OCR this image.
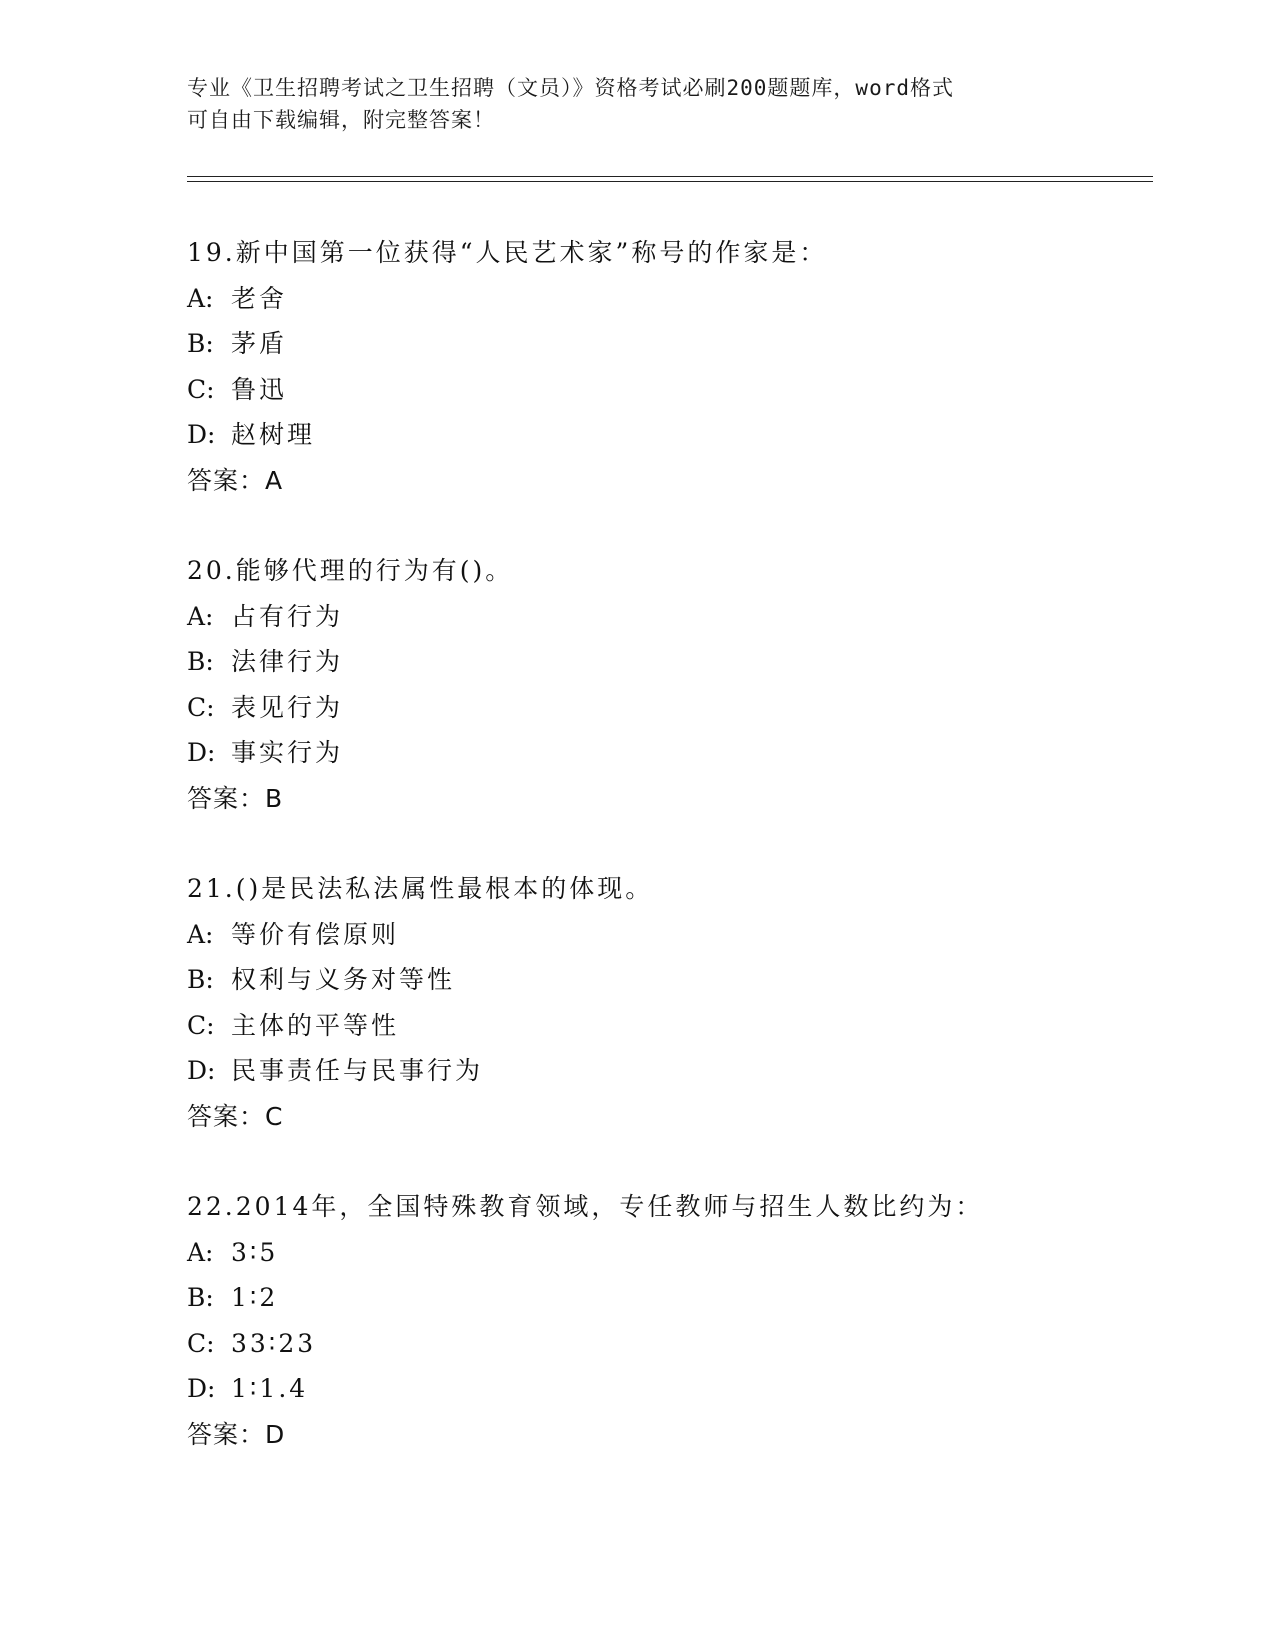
专业《卫生招聘考试之卫生招聘（文员）》资格考试必刷200题题库，word格式
可自由下载编辑，附完整答案！
19.新中国第一位获得“人民艺术家”称号的作家是：
A: 老舍
B: 茅盾
C: 鲁迅
D: 赵树理
答案：A
20.能够代理的行为有()。
A: 占有行为
B: 法律行为
C: 表见行为
D: 事实行为
答案：B
21.()是民法私法属性最根本的体现。
A: 等价有偿原则
B: 权利与义务对等性
C: 主体的平等性
D: 民事责任与民事行为
答案：C
22.2014年，全国特殊教育领域，专任教师与招生人数比约为：
A: 3∶5
B: 1∶2
C: 33∶23
D: 1∶1.4
答案：D
